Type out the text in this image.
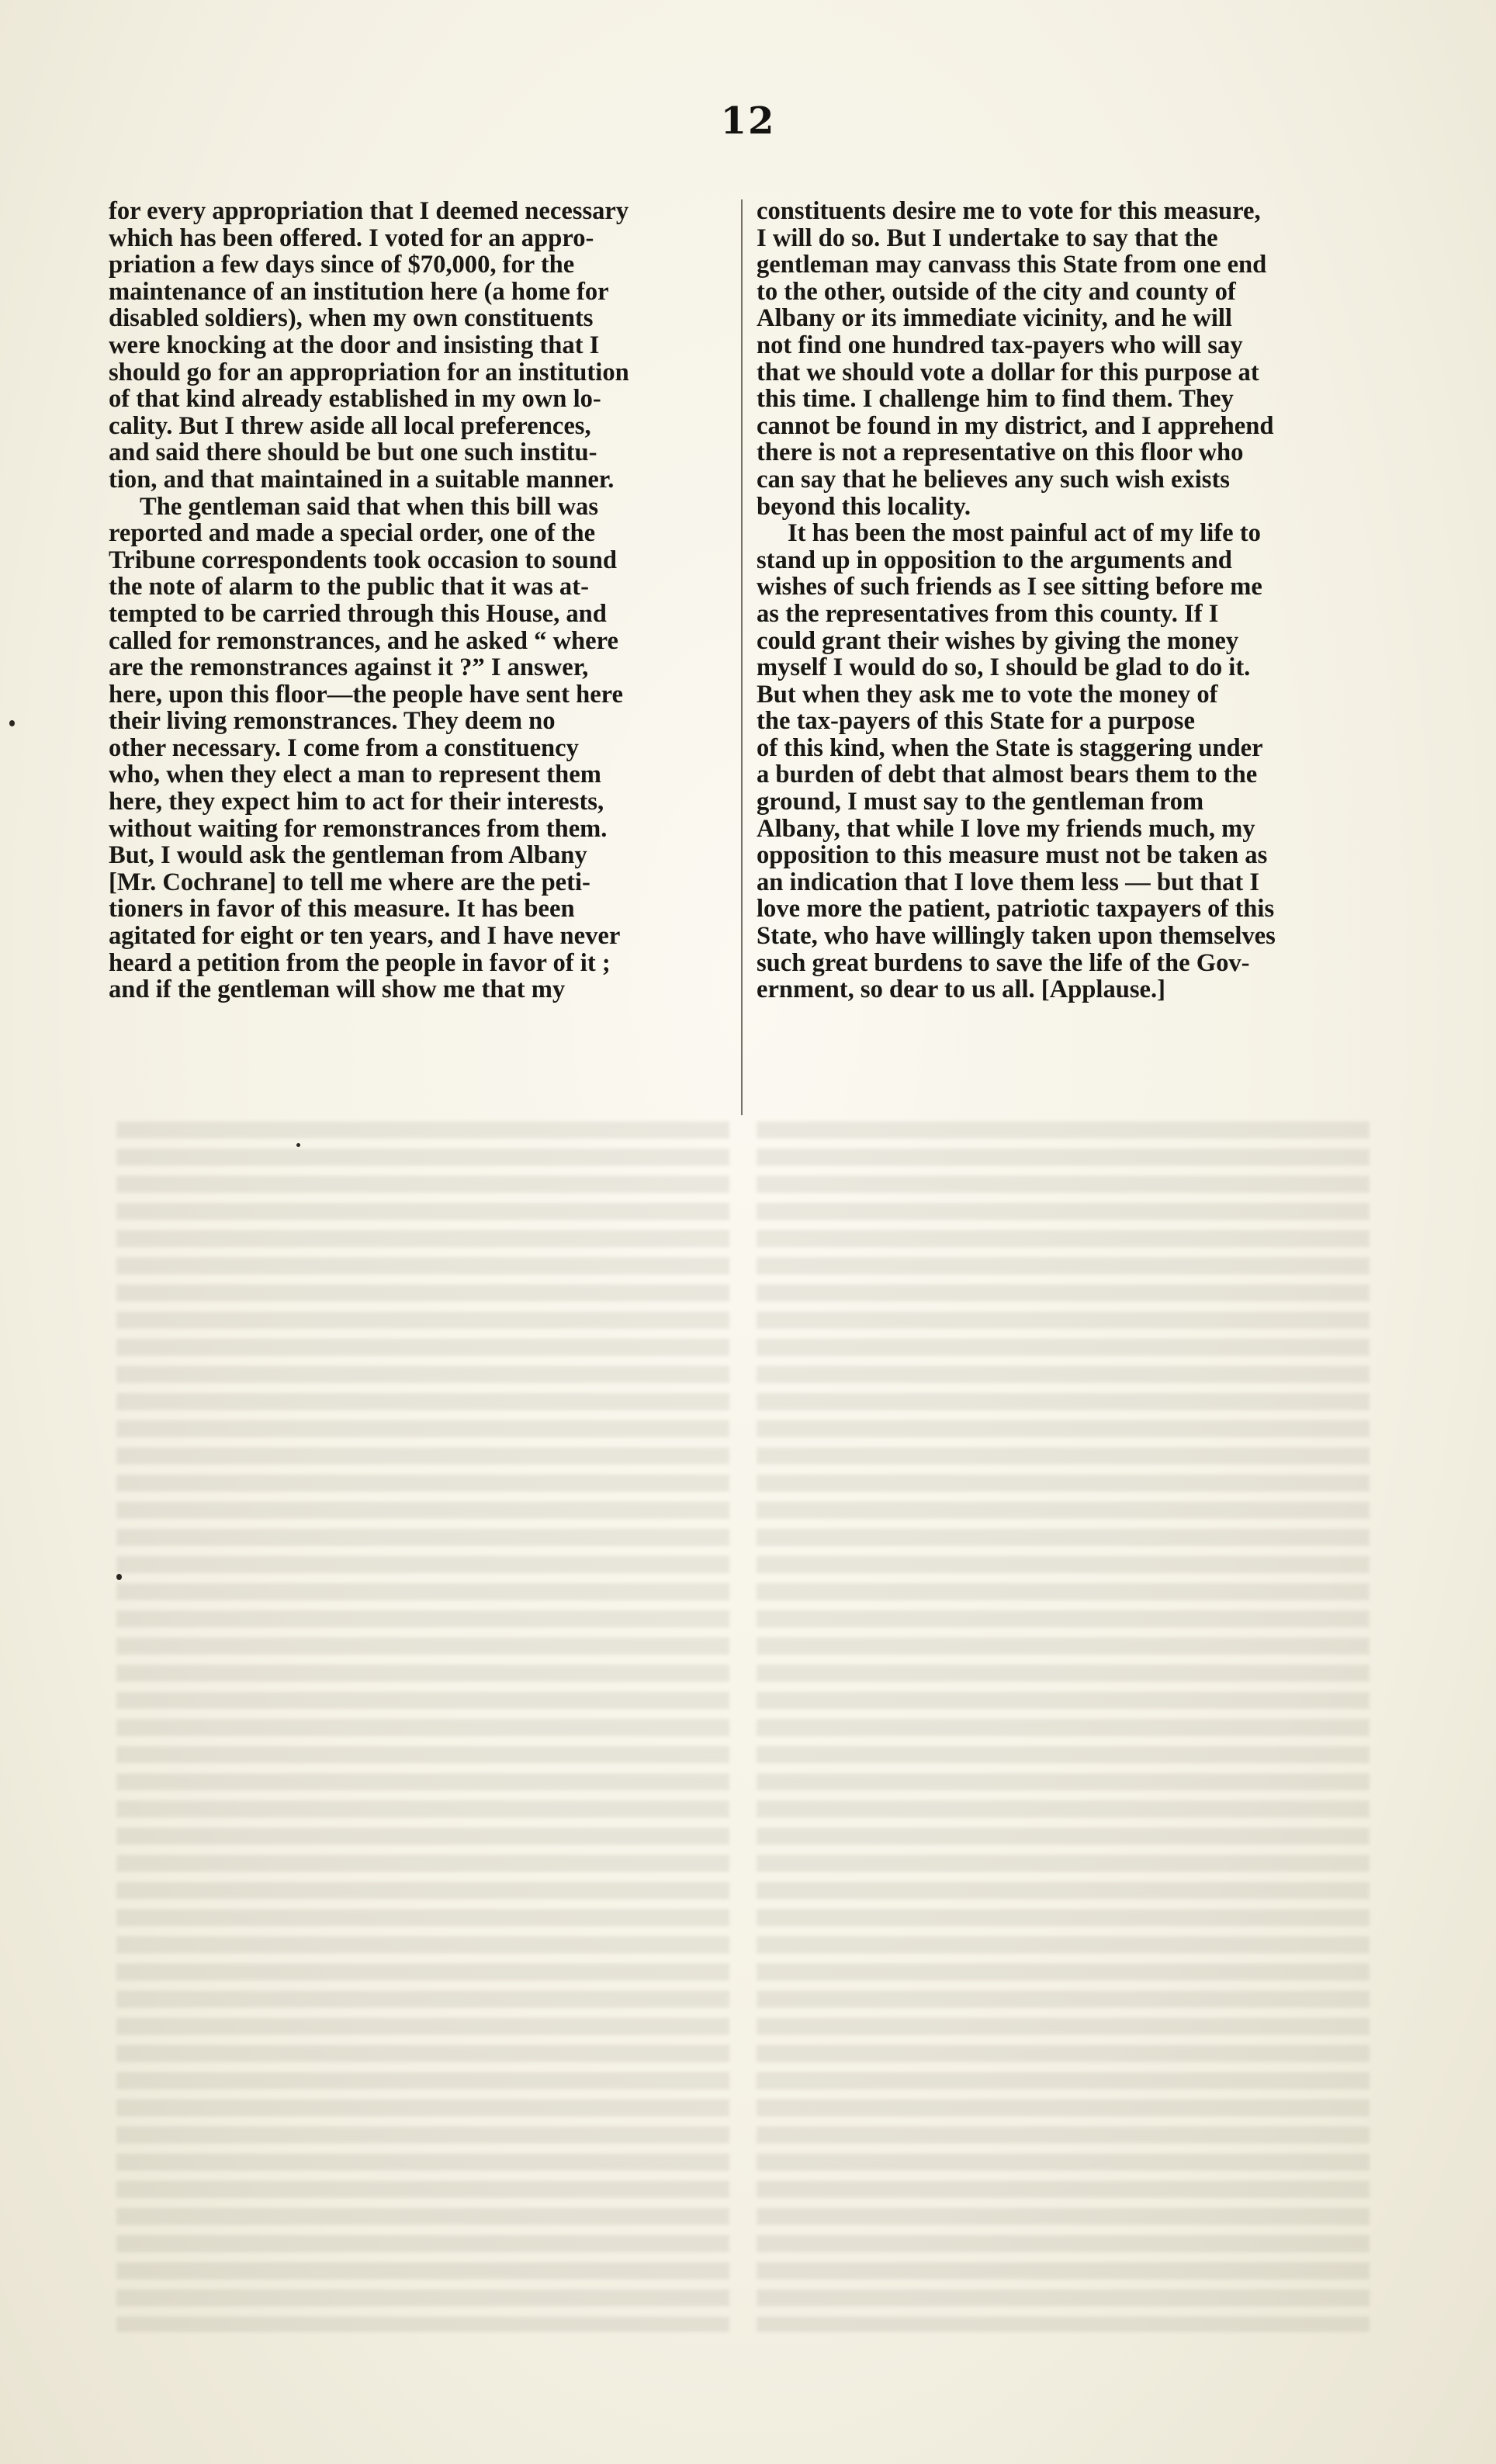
12

for every appropriation that I deemed necessary
which has been offered. I voted for an appro-
priation a few days since of $70,000, for the
maintenance of an institution here (a home for
disabled soldiers), when my own constituents
were knocking at the door and insisting that I
should go for an appropriation for an institution
of that kind already established in my own lo-
cality. But I threw aside all local preferences,
and said there should be but one such institu-
tion, and that maintained in a suitable manner.

The gentleman said that when this bill was
reported and made a special order, one of the
Tribune correspondents took occasion to sound
the note of alarm to the public that it was at-
tempted to be carried through this House, and
called for remonstrances, and he asked “ where
are the remonstrances against it ?” I answer,
here, upon this floor—the people have sent here
their living remonstrances. They deem no
other necessary. I come from a constituency
who, when they elect a man to represent them
here, they expect him to act for their interests,
without waiting for remonstrances from them.
But, I would ask the gentleman from Albany
[Mr. Cochrane] to tell me where are the peti-
tioners in favor of this measure. It has been
agitated for eight or ten years, and I have never
heard a petition from the people in favor of it ;
and if the gentleman will show me that my

constituents desire me to vote for this measure,
I will do so. But I undertake to say that the
gentleman may canvass this State from one end
to the other, outside of the city and county of
Albany or its immediate vicinity, and he will
not find one hundred tax-payers who will say
that we should vote a dollar for this purpose at
this time. I challenge him to find them. They
cannot be found in my district, and I apprehend
there is not a representative on this floor who
can say that he believes any such wish exists
beyond this locality.

It has been the most painful act of my life to
stand up in opposition to the arguments and
wishes of such friends as I see sitting before me
as the representatives from this county. If I
could grant their wishes by giving the money
myself I would do so, I should be glad to do it.
But when they ask me to vote the money of
the tax-payers of this State for a purpose
of this kind, when the State is staggering under
a burden of debt that almost bears them to the
ground, I must say to the gentleman from
Albany, that while I love my friends much, my
opposition to this measure must not be taken as
an indication that I love them less — but that I
love more the patient, patriotic taxpayers of this
State, who have willingly taken upon themselves
such great burdens to save the life of the Gov-
ernment, so dear to us all. [Applause.]
